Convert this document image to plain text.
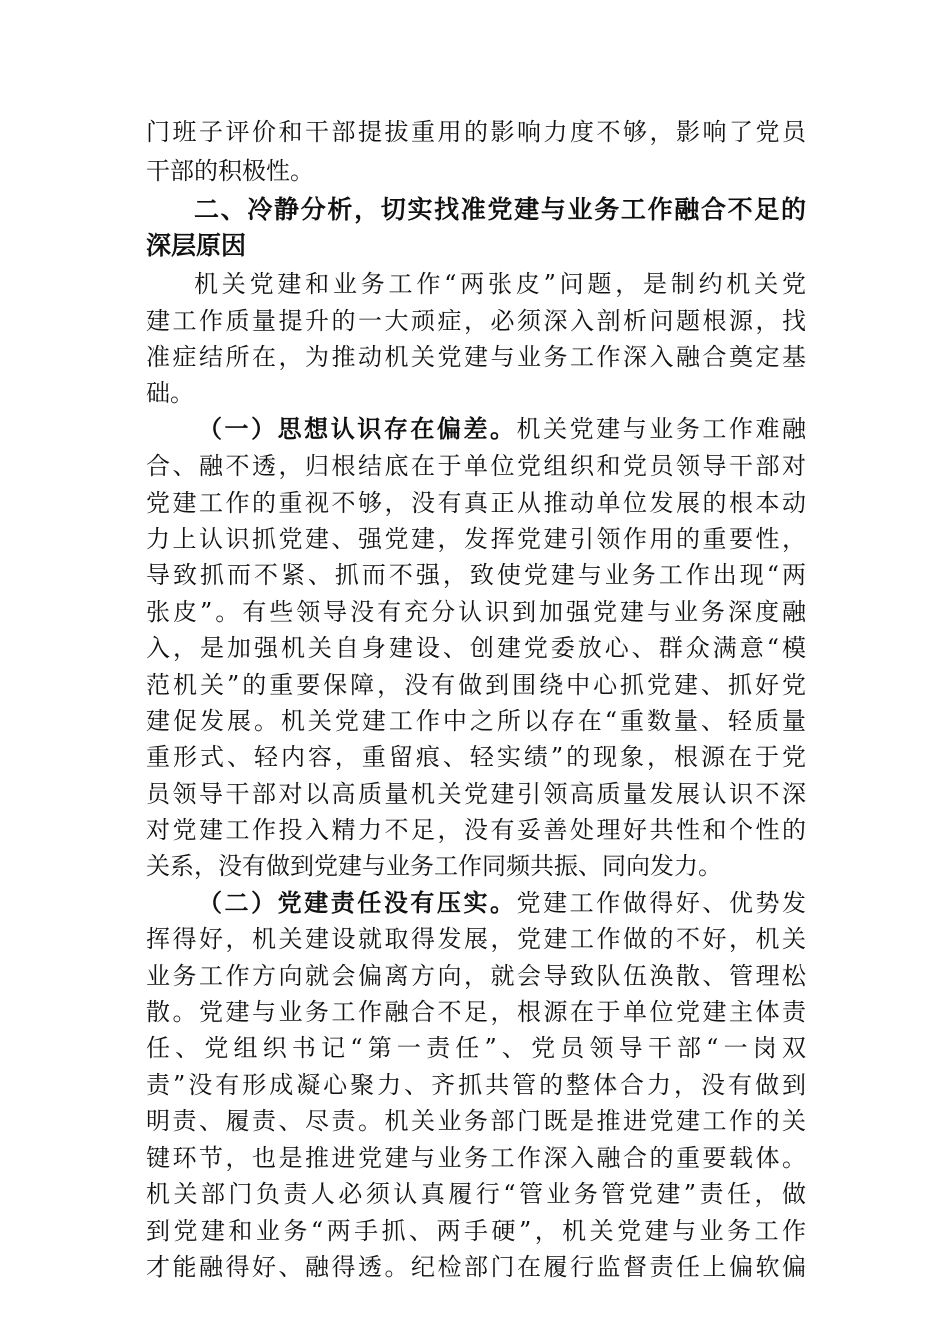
门班子评价和干部提拔重用的影响力度不够，影响了党员
干部的积极性。
二、冷静分析，切实找准党建与业务工作融合不足的
深层原因
机关党建和业务工作“两张皮”问题，是制约机关党
建工作质量提升的一大顽症，必须深入剖析问题根源，找
准症结所在，为推动机关党建与业务工作深入融合奠定基
础。
（一）思想认识存在偏差。机关党建与业务工作难融
合、融不透，归根结底在于单位党组织和党员领导干部对
党建工作的重视不够，没有真正从推动单位发展的根本动
力上认识抓党建、强党建，发挥党建引领作用的重要性，
导致抓而不紧、抓而不强，致使党建与业务工作出现“两
张皮”。有些领导没有充分认识到加强党建与业务深度融
入，是加强机关自身建设、创建党委放心、群众满意“模
范机关”的重要保障，没有做到围绕中心抓党建、抓好党
建促发展。机关党建工作中之所以存在“重数量、轻质量
重形式、轻内容，重留痕、轻实绩”的现象，根源在于党
员领导干部对以高质量机关党建引领高质量发展认识不深
对党建工作投入精力不足，没有妥善处理好共性和个性的
关系，没有做到党建与业务工作同频共振、同向发力。
（二）党建责任没有压实。党建工作做得好、优势发
挥得好，机关建设就取得发展，党建工作做的不好，机关
业务工作方向就会偏离方向，就会导致队伍涣散、管理松
散。党建与业务工作融合不足，根源在于单位党建主体责
任、党组织书记“第一责任”、党员领导干部“一岗双
责”没有形成凝心聚力、齐抓共管的整体合力，没有做到
明责、履责、尽责。机关业务部门既是推进党建工作的关
键环节，也是推进党建与业务工作深入融合的重要载体。
机关部门负责人必须认真履行“管业务管党建”责任，做
到党建和业务“两手抓、两手硬”，机关党建与业务工作
才能融得好、融得透。纪检部门在履行监督责任上偏软偏
